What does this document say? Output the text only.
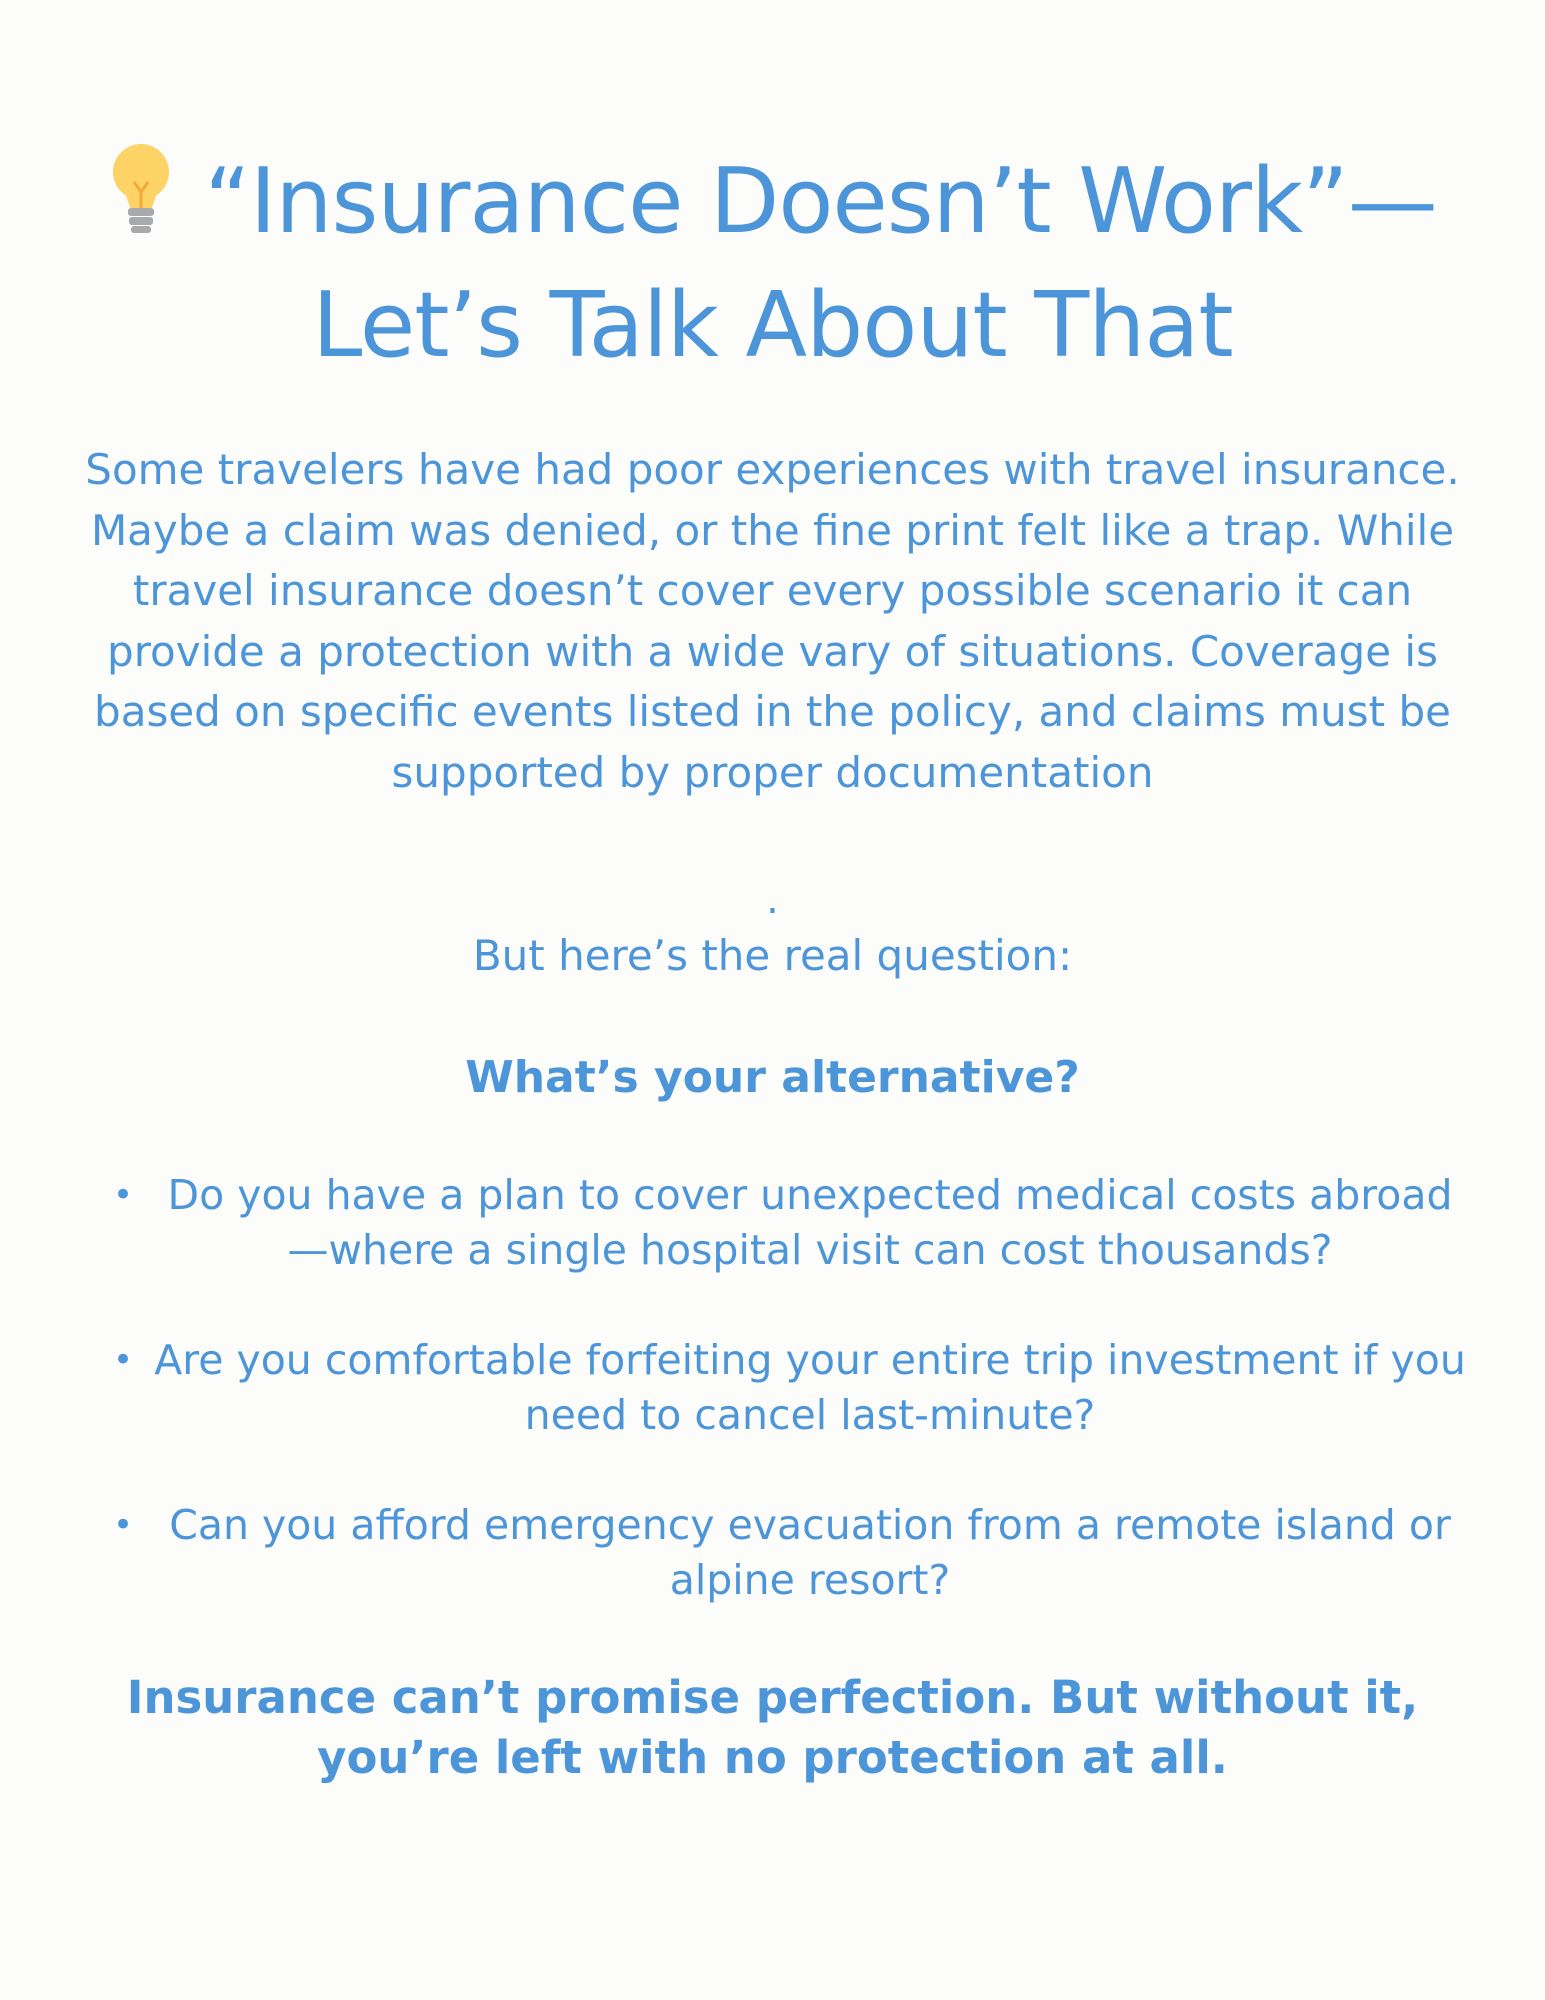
“Insurance Doesn’t Work”—Let’s Talk About That

Some travelers have had poor experiences with travel insurance. Maybe a claim was denied, or the fine print felt like a trap. While travel insurance doesn’t cover every possible scenario it can provide a protection with a wide vary of situations. Coverage is based on specific events listed in the policy, and claims must be supported by proper documentation

.

But here’s the real question:

What’s your alternative?

• Do you have a plan to cover unexpected medical costs abroad—where a single hospital visit can cost thousands?
• Are you comfortable forfeiting your entire trip investment if you need to cancel last-minute?
• Can you afford emergency evacuation from a remote island or alpine resort?

Insurance can’t promise perfection. But without it, you’re left with no protection at all.
